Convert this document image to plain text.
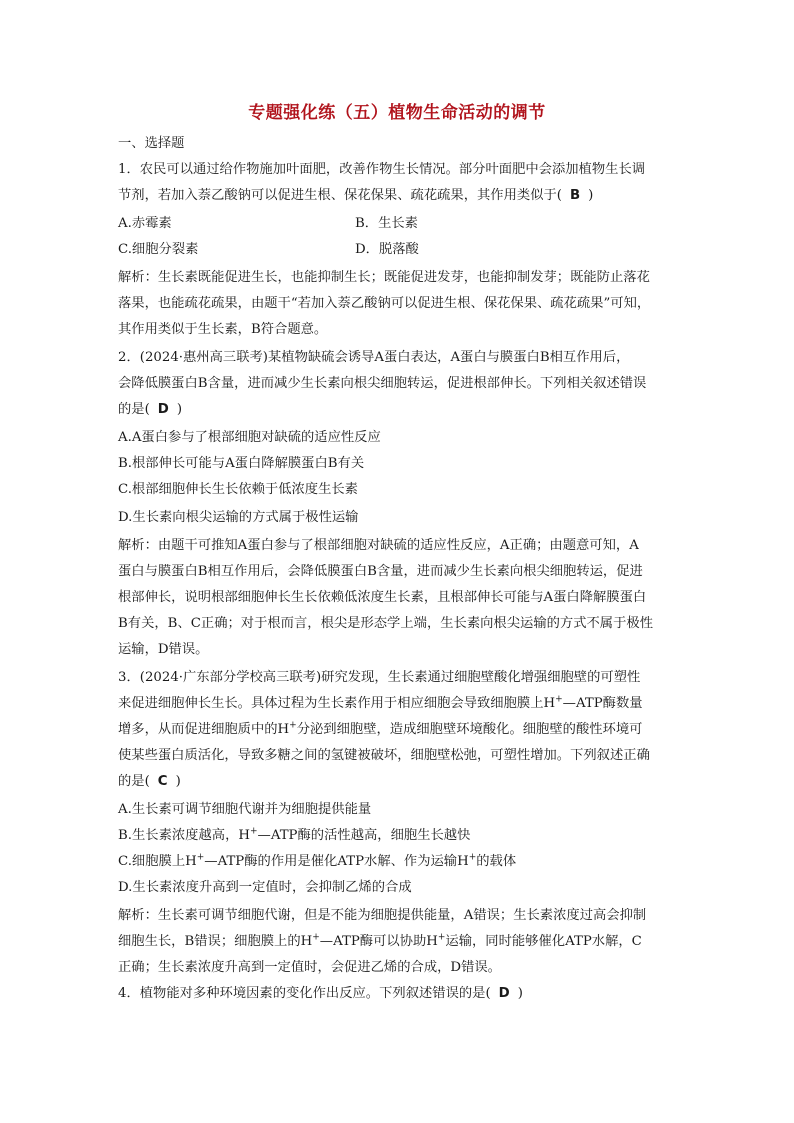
专题强化练（五）植物生命活动的调节
一、选择题
1．农民可以通过给作物施加叶面肥，改善作物生长情况。部分叶面肥中会添加植物生长调
节剂，若加入萘乙酸钠可以促进生根、保花保果、疏花疏果，其作用类似于( B )
A.赤霉素	B．生长素
C.细胞分裂素	D．脱落酸
解析：生长素既能促进生长，也能抑制生长；既能促进发芽，也能抑制发芽；既能防止落花
落果，也能疏花疏果，由题干“若加入萘乙酸钠可以促进生根、保花保果、疏花疏果”可知，
其作用类似于生长素，B符合题意。
2．(2024·惠州高三联考)某植物缺硫会诱导A蛋白表达，A蛋白与膜蛋白B相互作用后，
会降低膜蛋白B含量，进而减少生长素向根尖细胞转运，促进根部伸长。下列相关叙述错误
的是( D )
A.A蛋白参与了根部细胞对缺硫的适应性反应
B.根部伸长可能与A蛋白降解膜蛋白B有关
C.根部细胞伸长生长依赖于低浓度生长素
D.生长素向根尖运输的方式属于极性运输
解析：由题干可推知A蛋白参与了根部细胞对缺硫的适应性反应，A正确；由题意可知，A
蛋白与膜蛋白B相互作用后，会降低膜蛋白B含量，进而减少生长素向根尖细胞转运，促进
根部伸长，说明根部细胞伸长生长依赖低浓度生长素，且根部伸长可能与A蛋白降解膜蛋白
B有关，B、C正确；对于根而言，根尖是形态学上端，生长素向根尖运输的方式不属于极性
运输，D错误。
3．(2024·广东部分学校高三联考)研究发现，生长素通过细胞壁酸化增强细胞壁的可塑性
来促进细胞伸长生长。具体过程为生长素作用于相应细胞会导致细胞膜上H+—ATP酶数量
增多，从而促进细胞质中的H+分泌到细胞壁，造成细胞壁环境酸化。细胞壁的酸性环境可
使某些蛋白质活化，导致多糖之间的氢键被破坏，细胞壁松弛，可塑性增加。下列叙述正确
的是( C )
A.生长素可调节细胞代谢并为细胞提供能量
B.生长素浓度越高，H+—ATP酶的活性越高，细胞生长越快
C.细胞膜上H+—ATP酶的作用是催化ATP水解、作为运输H+的载体
D.生长素浓度升高到一定值时，会抑制乙烯的合成
解析：生长素可调节细胞代谢，但是不能为细胞提供能量，A错误；生长素浓度过高会抑制
细胞生长，B错误；细胞膜上的H+—ATP酶可以协助H+运输，同时能够催化ATP水解，C
正确；生长素浓度升高到一定值时，会促进乙烯的合成，D错误。
4．植物能对多种环境因素的变化作出反应。下列叙述错误的是( D )
